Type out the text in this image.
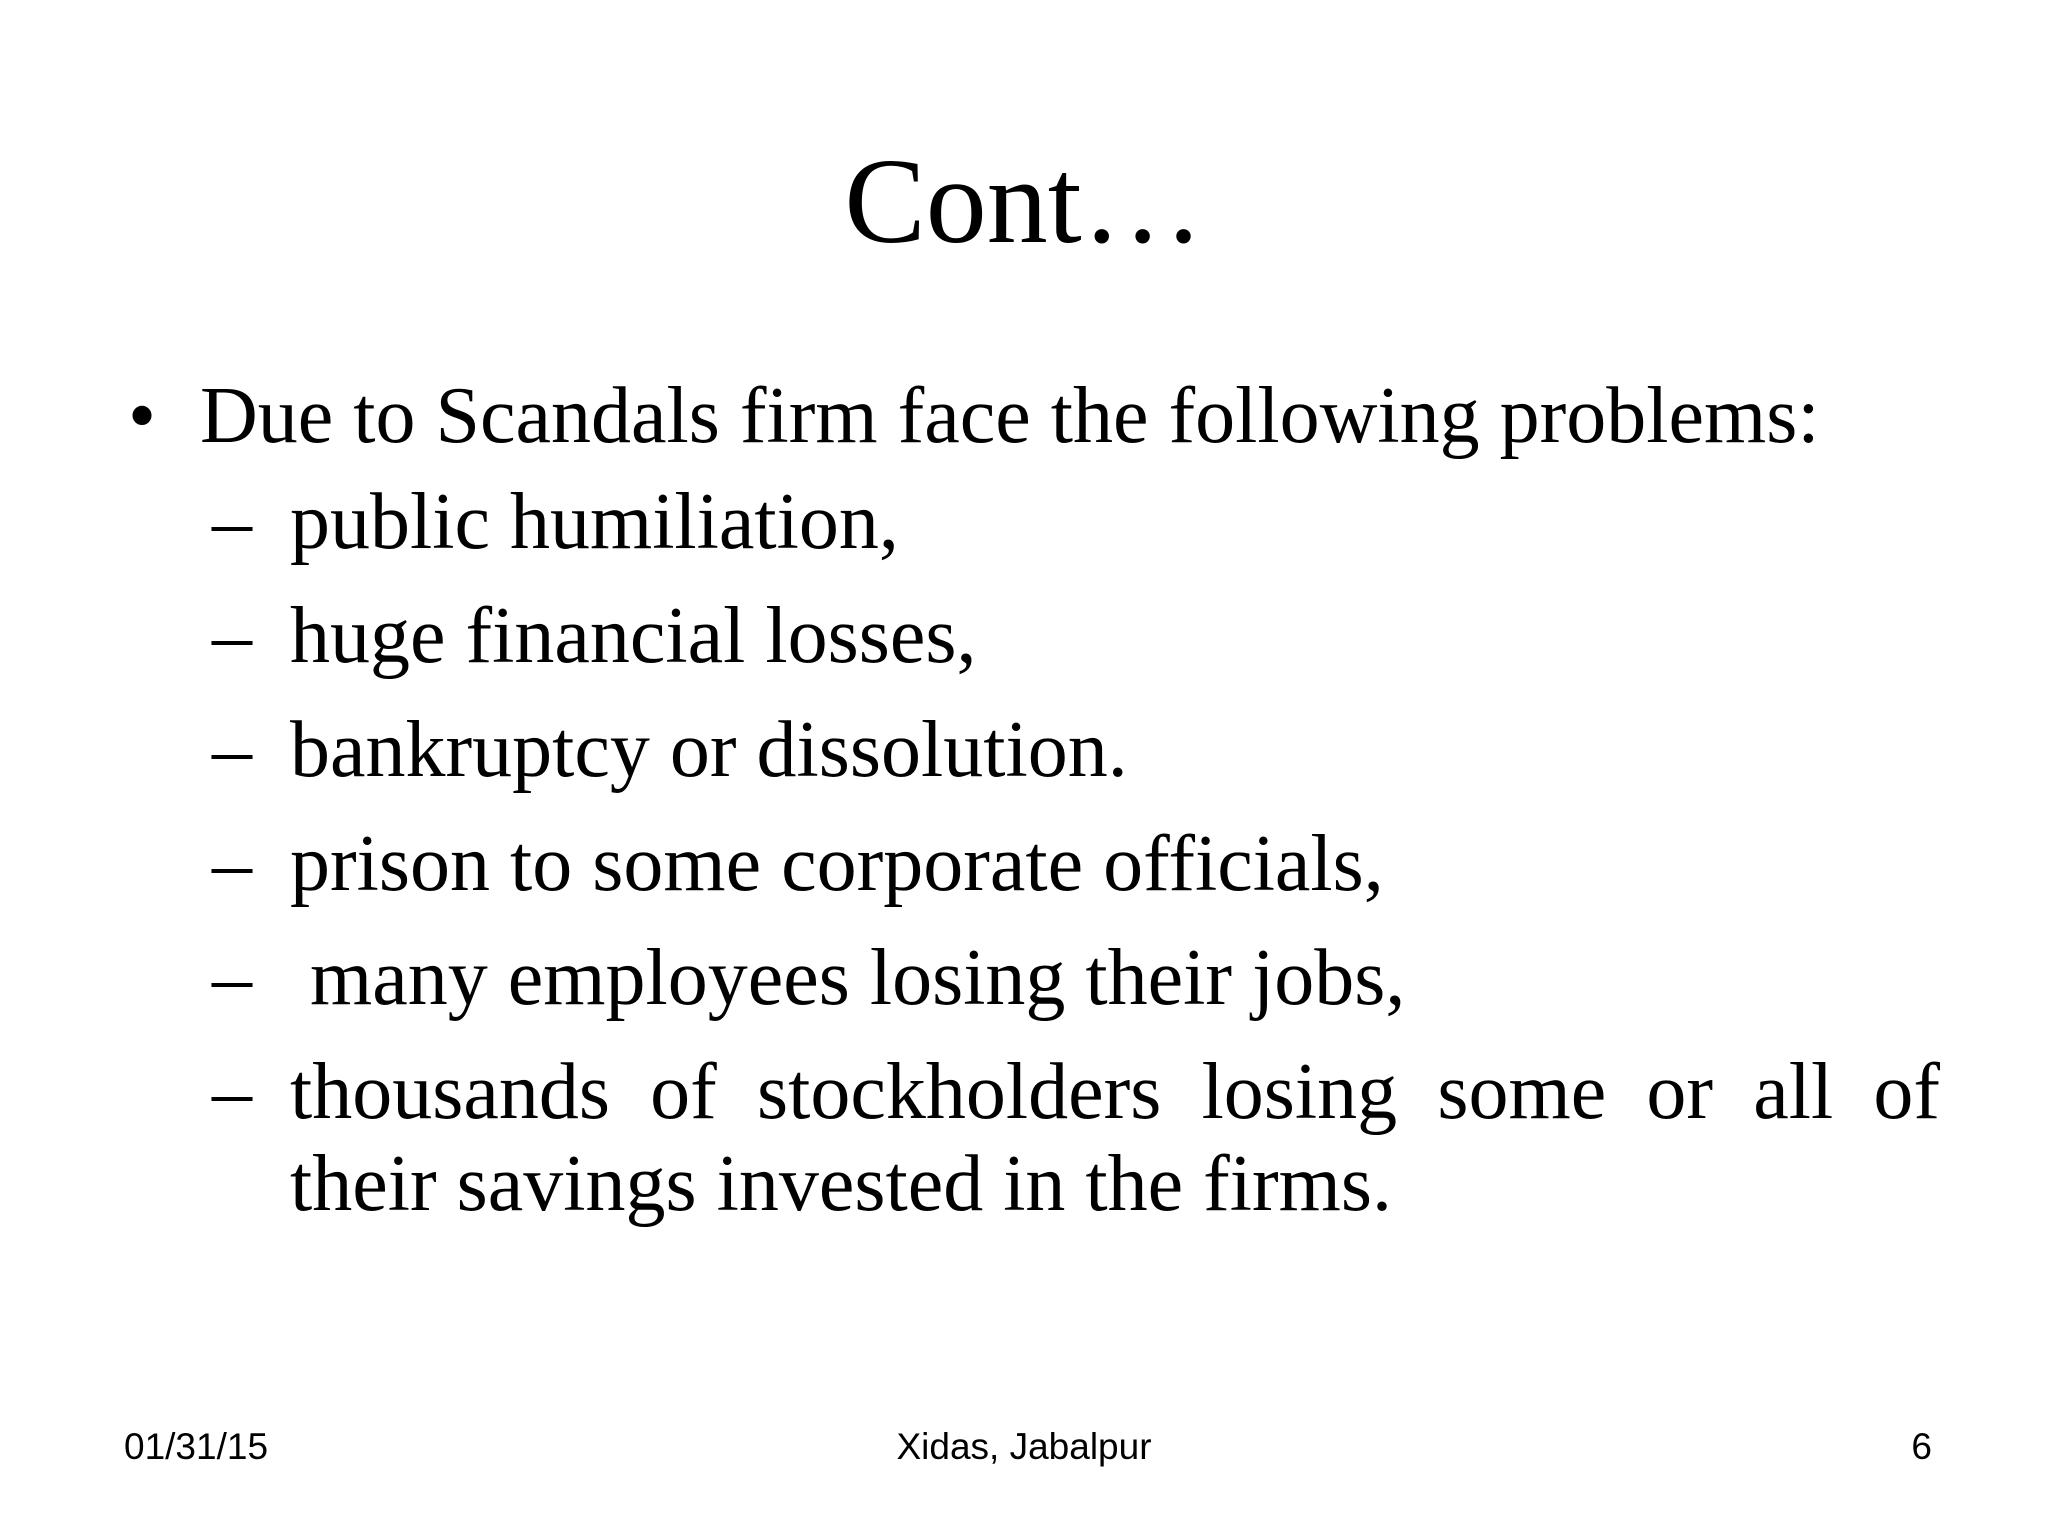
Cont…
• Due to Scandals firm face the following problems:
– public humiliation,
– huge financial losses,
– bankruptcy or dissolution.
– prison to some corporate officials,
– many employees losing their jobs,
– thousands of stockholders losing some or all of their savings invested in the firms.
01/31/15	Xidas, Jabalpur	6
